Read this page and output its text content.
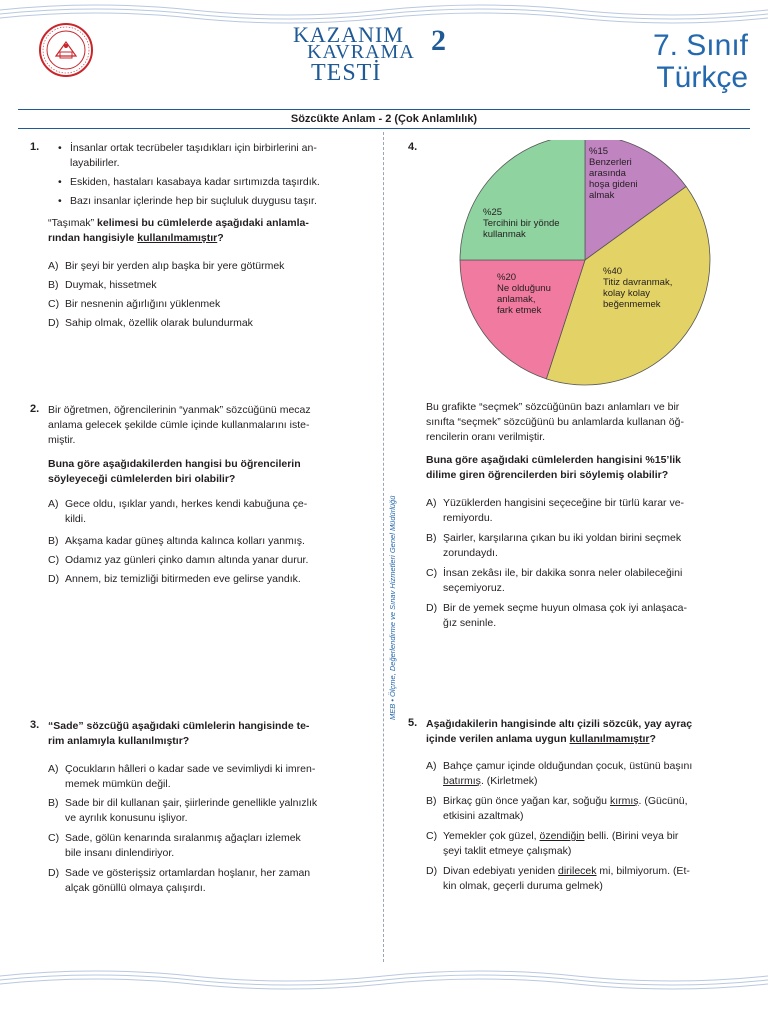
KAZANIM
KAVRAMA
TESTİ
2	7. Sınıf
Türkçe
Sözcükte Anlam - 2 (Çok Anlamlılık)
MEB • Ölçme, Değerlendirme ve Sınav Hizmetleri Genel Müdürlüğü
1. • İnsanlar ortak tecrübeler taşıdıkları için birbirlerini an-
layabilirler.
• Eskiden, hastaları kasabaya kadar sırtımızda taşırdık.
• Bazı insanlar içlerinde hep bir suçluluk duygusu taşır.
“Taşımak” kelimesi bu cümlelerde aşağıdaki anlamla-
rından hangisiyle kullanılmamıştır?
A) Bir şeyi bir yerden alıp başka bir yere götürmek
B) Duymak, hissetmek
C) Bir nesnenin ağırlığını yüklenmek
D) Sahip olmak, özellik olarak bulundurmak
2. Bir öğretmen, öğrencilerinin “yanmak” sözcüğünü mecaz
anlama gelecek şekilde cümle içinde kullanmalarını iste-
miştir.
Buna göre aşağıdakilerden hangisi bu öğrencilerin
söyleyeceği cümlelerden biri olabilir?
A) Gece oldu, ışıklar yandı, herkes kendi kabuğuna çe-
kildi.
B) Akşama kadar güneş altında kalınca kolları yanmış.
C) Odamız yaz günleri çinko damın altında yanar durur.
D) Annem, biz temizliği bitirmeden eve gelirse yandık.
3. “Sade” sözcüğü aşağıdaki cümlelerin hangisinde te-
rim anlamıyla kullanılmıştır?
A) Çocukların hâlleri o kadar sade ve sevimliydi ki imren-
memek mümkün değil.
B) Sade bir dil kullanan şair, şiirlerinde genellikle yalnızlık
ve ayrılık konusunu işliyor.
C) Sade, gölün kenarında sıralanmış ağaçları izlemek
bile insanı dinlendiriyor.
D) Sade ve gösterişsiz ortamlardan hoşlanır, her zaman
alçak gönüllü olmaya çalışırdı.
4.	%15 Benzerleri arasında hoşa gideni almak
%40 Titiz davranmak, kolay kolay beğenmemek
%20 Ne olduğunu anlamak, fark etmek
%25 Tercihini bir yönde kullanmak
Bu grafikte “seçmek” sözcüğünün bazı anlamları ve bir
sınıfta “seçmek” sözcüğünü bu anlamlarda kullanan öğ-
rencilerin oranı verilmiştir.
Buna göre aşağıdaki cümlelerden hangisini %15’lik
dilime giren öğrencilerden biri söylemiş olabilir?
A) Yüzüklerden hangisini seçeceğine bir türlü karar ve-
remiyordu.
B) Şairler, karşılarına çıkan bu iki yoldan birini seçmek
zorundaydı.
C) İnsan zekâsı ile, bir dakika sonra neler olabileceğini
seçemiyoruz.
D) Bir de yemek seçme huyun olmasa çok iyi anlaşaca-
ğız seninle.
5. Aşağıdakilerin hangisinde altı çizili sözcük, yay ayraç
içinde verilen anlama uygun kullanılmamıştır?
A) Bahçe çamur içinde olduğundan çocuk, üstünü başını
batırmış. (Kirletmek)
B) Birkaç gün önce yağan kar, soğuğu kırmış. (Gücünü,
etkisini azaltmak)
C) Yemekler çok güzel, özendiğin belli. (Birini veya bir
şeyi taklit etmeye çalışmak)
D) Divan edebiyatı yeniden dirilecek mi, bilmiyorum. (Et-
kin olmak, geçerli duruma gelmek)
